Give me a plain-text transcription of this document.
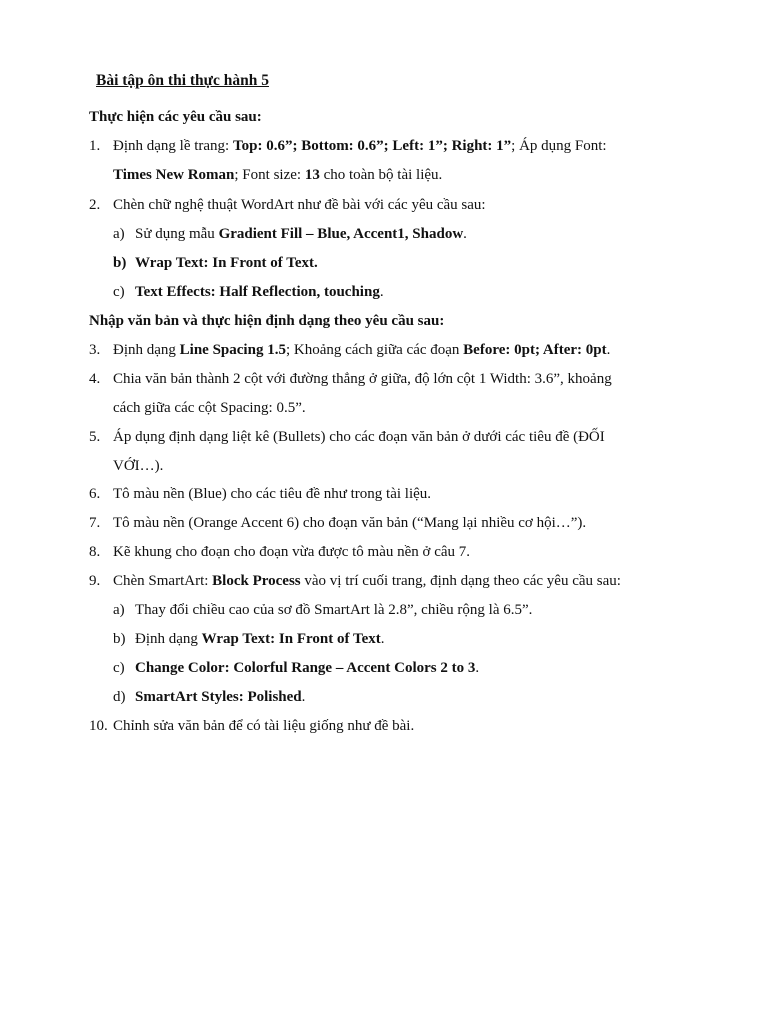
Bài tập ôn thi thực hành 5
Thực hiện các yêu cầu sau:
1. Định dạng lề trang: Top: 0.6”; Bottom: 0.6”; Left: 1”; Right: 1”; Áp dụng Font:
Times New Roman; Font size: 13 cho toàn bộ tài liệu.
2. Chèn chữ nghệ thuật WordArt như đề bài với các yêu cầu sau:
a) Sử dụng mẫu Gradient Fill – Blue, Accent1, Shadow.
b) Wrap Text: In Front of Text.
c) Text Effects: Half Reflection, touching.
Nhập văn bản và thực hiện định dạng theo yêu cầu sau:
3. Định dạng Line Spacing 1.5; Khoảng cách giữa các đoạn Before: 0pt; After: 0pt.
4. Chia văn bản thành 2 cột với đường thẳng ở giữa, độ lớn cột 1 Width: 3.6”, khoảng
cách giữa các cột Spacing: 0.5”.
5. Áp dụng định dạng liệt kê (Bullets) cho các đoạn văn bản ở dưới các tiêu đề (ĐỐI
VỚI…).
6. Tô màu nền (Blue) cho các tiêu đề như trong tài liệu.
7. Tô màu nền (Orange Accent 6) cho đoạn văn bản (“Mang lại nhiều cơ hội…”).
8. Kẽ khung cho đoạn cho đoạn vừa được tô màu nền ở câu 7.
9. Chèn SmartArt: Block Process vào vị trí cuối trang, định dạng theo các yêu cầu sau:
a) Thay đổi chiều cao của sơ đồ SmartArt là 2.8”, chiều rộng là 6.5”.
b) Định dạng Wrap Text: In Front of Text.
c) Change Color: Colorful Range – Accent Colors 2 to 3.
d) SmartArt Styles: Polished.
10. Chỉnh sửa văn bản để có tài liệu giống như đề bài.
